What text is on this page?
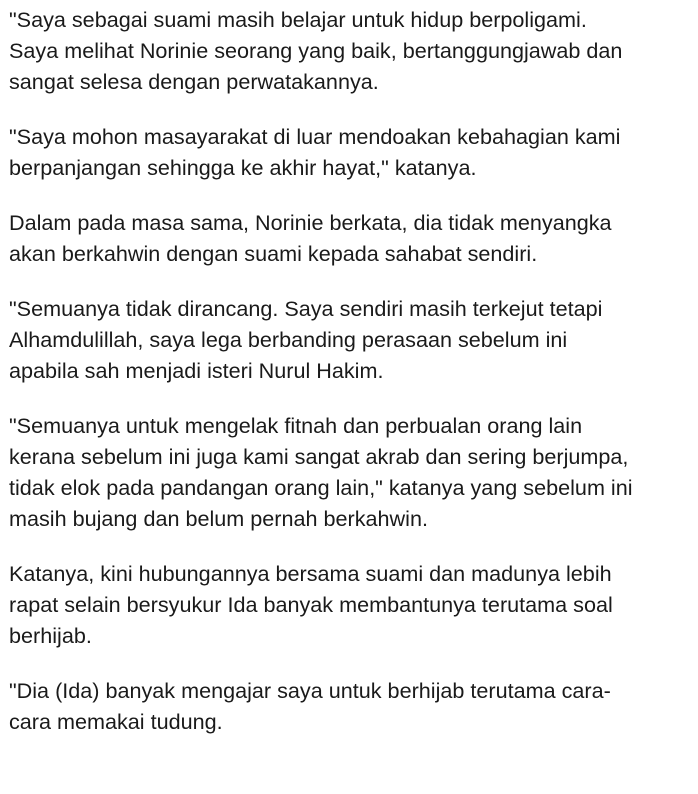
"Saya sebagai suami masih belajar untuk hidup berpoligami.
Saya melihat Norinie seorang yang baik, bertanggungjawab dan
sangat selesa dengan perwatakannya.

"Saya mohon masayarakat di luar mendoakan kebahagian kami
berpanjangan sehingga ke akhir hayat," katanya.

Dalam pada masa sama, Norinie berkata, dia tidak menyangka
akan berkahwin dengan suami kepada sahabat sendiri.

"Semuanya tidak dirancang. Saya sendiri masih terkejut tetapi
Alhamdulillah, saya lega berbanding perasaan sebelum ini
apabila sah menjadi isteri Nurul Hakim.

"Semuanya untuk mengelak fitnah dan perbualan orang lain
kerana sebelum ini juga kami sangat akrab dan sering berjumpa,
tidak elok pada pandangan orang lain," katanya yang sebelum ini
masih bujang dan belum pernah berkahwin.

Katanya, kini hubungannya bersama suami dan madunya lebih
rapat selain bersyukur Ida banyak membantunya terutama soal
berhijab.

"Dia (Ida) banyak mengajar saya untuk berhijab terutama cara-
cara memakai tudung.
